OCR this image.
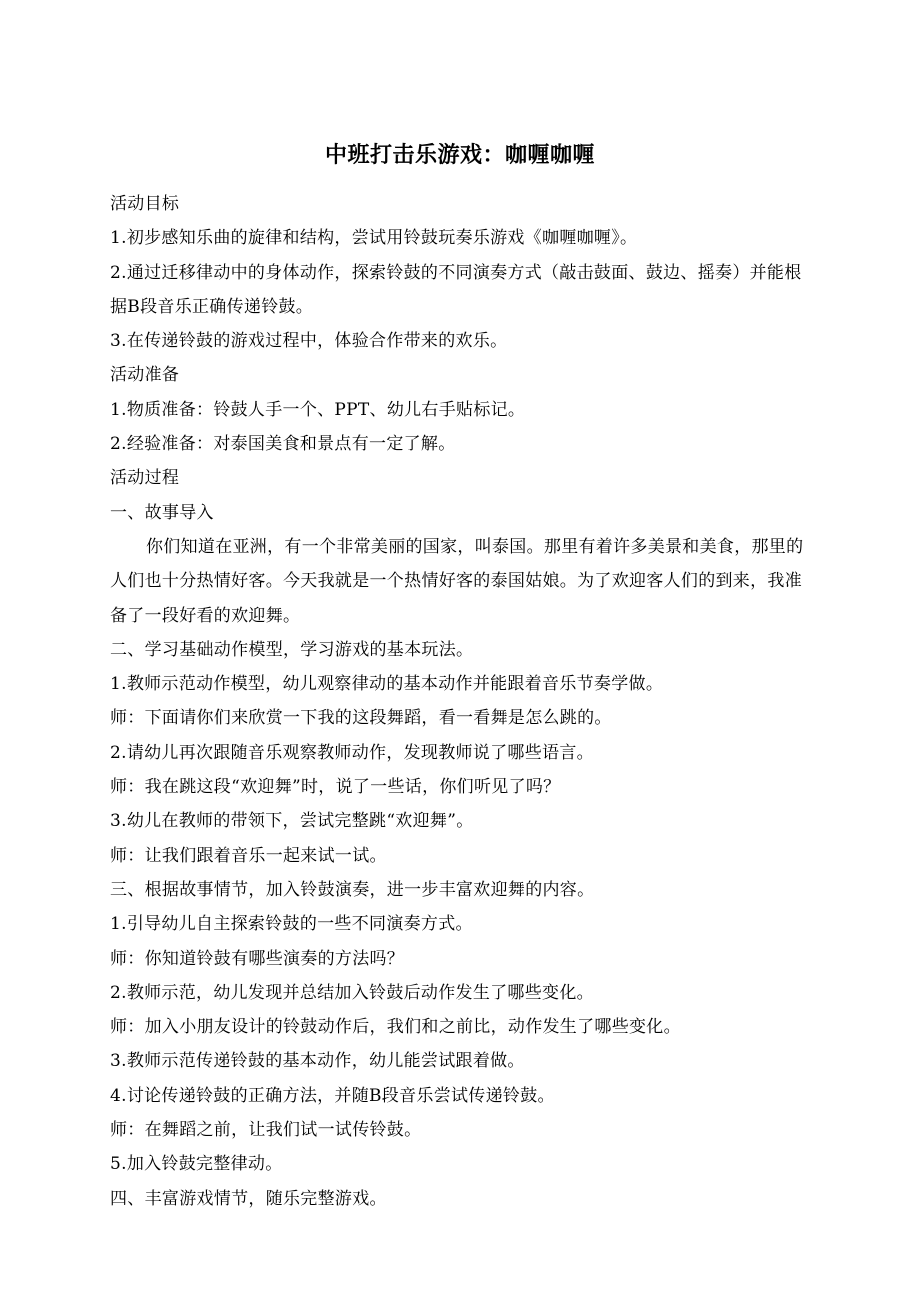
中班打击乐游戏：咖喱咖喱
活动目标
1.初步感知乐曲的旋律和结构，尝试用铃鼓玩奏乐游戏《咖喱咖喱》。
2.通过迁移律动中的身体动作，探索铃鼓的不同演奏方式（敲击鼓面、鼓边、摇奏）并能根据B段音乐正确传递铃鼓。
3.在传递铃鼓的游戏过程中，体验合作带来的欢乐。
活动准备
1.物质准备：铃鼓人手一个、PPT、幼儿右手贴标记。
2.经验准备：对泰国美食和景点有一定了解。
活动过程
一、故事导入
你们知道在亚洲，有一个非常美丽的国家，叫泰国。那里有着许多美景和美食，那里的人们也十分热情好客。今天我就是一个热情好客的泰国姑娘。为了欢迎客人们的到来，我准备了一段好看的欢迎舞。
二、学习基础动作模型，学习游戏的基本玩法。
1.教师示范动作模型，幼儿观察律动的基本动作并能跟着音乐节奏学做。
师：下面请你们来欣赏一下我的这段舞蹈，看一看舞是怎么跳的。
2.请幼儿再次跟随音乐观察教师动作，发现教师说了哪些语言。
师：我在跳这段“欢迎舞”时，说了一些话，你们听见了吗？
3.幼儿在教师的带领下，尝试完整跳“欢迎舞”。
师：让我们跟着音乐一起来试一试。
三、根据故事情节，加入铃鼓演奏，进一步丰富欢迎舞的内容。
1.引导幼儿自主探索铃鼓的一些不同演奏方式。
师：你知道铃鼓有哪些演奏的方法吗？
2.教师示范，幼儿发现并总结加入铃鼓后动作发生了哪些变化。
师：加入小朋友设计的铃鼓动作后，我们和之前比，动作发生了哪些变化。
3.教师示范传递铃鼓的基本动作，幼儿能尝试跟着做。
4.讨论传递铃鼓的正确方法，并随B段音乐尝试传递铃鼓。
师：在舞蹈之前，让我们试一试传铃鼓。
5.加入铃鼓完整律动。
四、丰富游戏情节，随乐完整游戏。
